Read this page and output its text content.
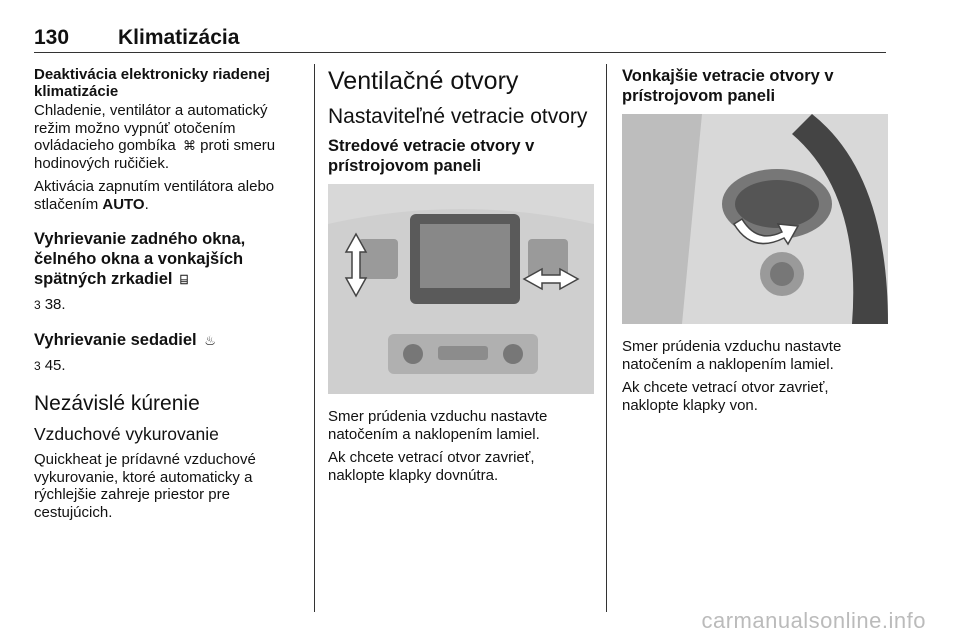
130 Klimatizácia
Deaktivácia elektronicky riadenej klimatizácie

Chladenie, ventilátor a automatický režim možno vypnúť otočením ovládacieho gombíka ⌘ proti smeru hodinových ručičiek.

Aktivácia zapnutím ventilátora alebo stlačením AUTO.

Vyhrievanie zadného okna, čelného okna a vonkajších spätných zrkadiel ⌸

3 38.

Vyhrievanie sedadiel ♨

3 45.

Nezávislé kúrenie
Vzduchové vykurovanie

Quickheat je prídavné vzduchové vykurovanie, ktoré automaticky a rýchlejšie zahreje priestor pre cestujúcich.

Ventilačné otvory
Nastaviteľné vetracie otvory
Stredové vetracie otvory v prístrojovom paneli

Smer prúdenia vzduchu nastavte natočením a naklopením lamiel.

Ak chcete vetrací otvor zavrieť, naklopte klapky dovnútra.

Vonkajšie vetracie otvory v prístrojovom paneli

Smer prúdenia vzduchu nastavte natočením a naklopením lamiel.

Ak chcete vetrací otvor zavrieť, naklopte klapky von.

carmanualsonline.info
